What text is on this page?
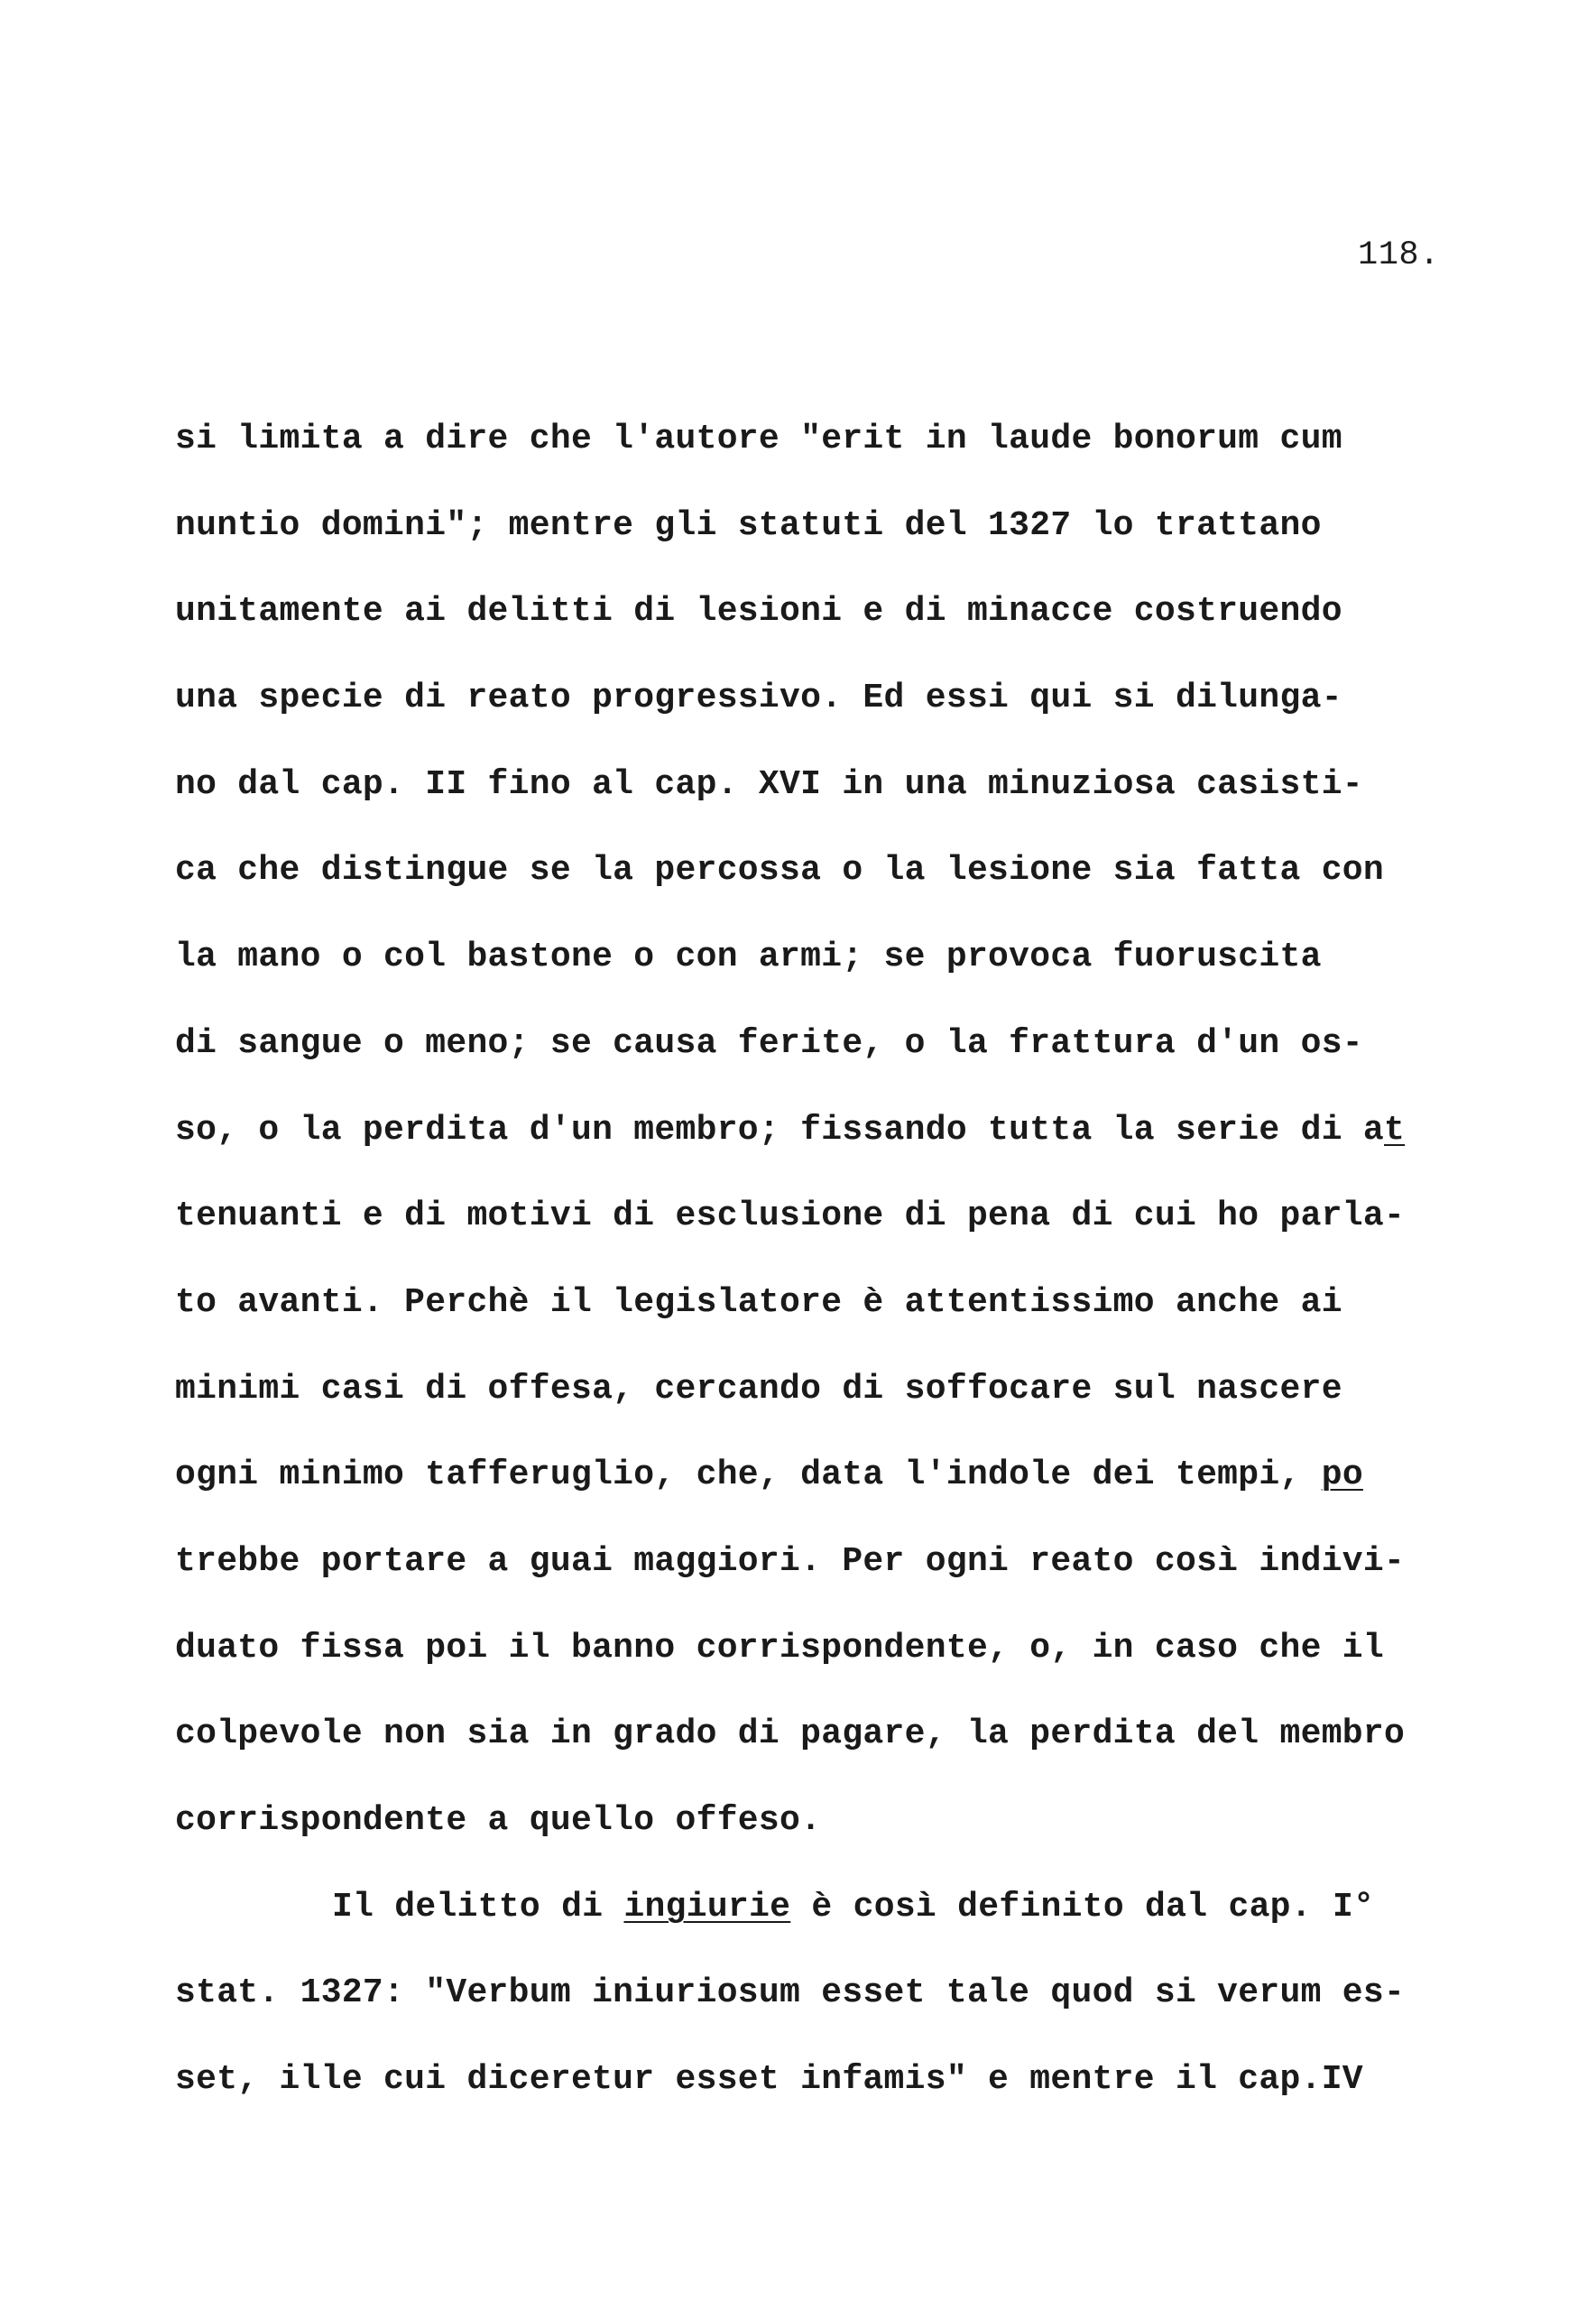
118.
si limita a dire che l'autore "erit in laude bonorum cum
nuntio domini"; mentre gli statuti del 1327 lo trattano
unitamente ai delitti di lesioni e di minacce costruendo
una specie di reato progressivo. Ed essi qui si dilunga-
no dal cap. II fino al cap. XVI in una minuziosa casisti-
ca che distingue se la percossa o la lesione sia fatta con
la mano o col bastone o con armi; se provoca fuoruscita
di sangue o meno; se causa ferite, o la frattura d'un os-
so, o la perdita d'un membro; fissando tutta la serie di at
tenuanti e di motivi di esclusione di pena di cui ho parla-
to avanti. Perchè il legislatore è attentissimo anche ai
minimi casi di offesa, cercando di soffocare sul nascere
ogni minimo tafferuglio, che, data l'indole dei tempi, po
trebbe portare a guai maggiori. Per ogni reato così indivi-
duato fissa poi il banno corrispondente, o, in caso che il
colpevole non sia in grado di pagare, la perdita del membro
corrispondente a quello offeso.
Il delitto di ingiurie è così definito dal cap. I°
stat. 1327: "Verbum iniuriosum esset tale quod si verum es-
set, ille cui diceretur esset infamis" e mentre il cap.IV
